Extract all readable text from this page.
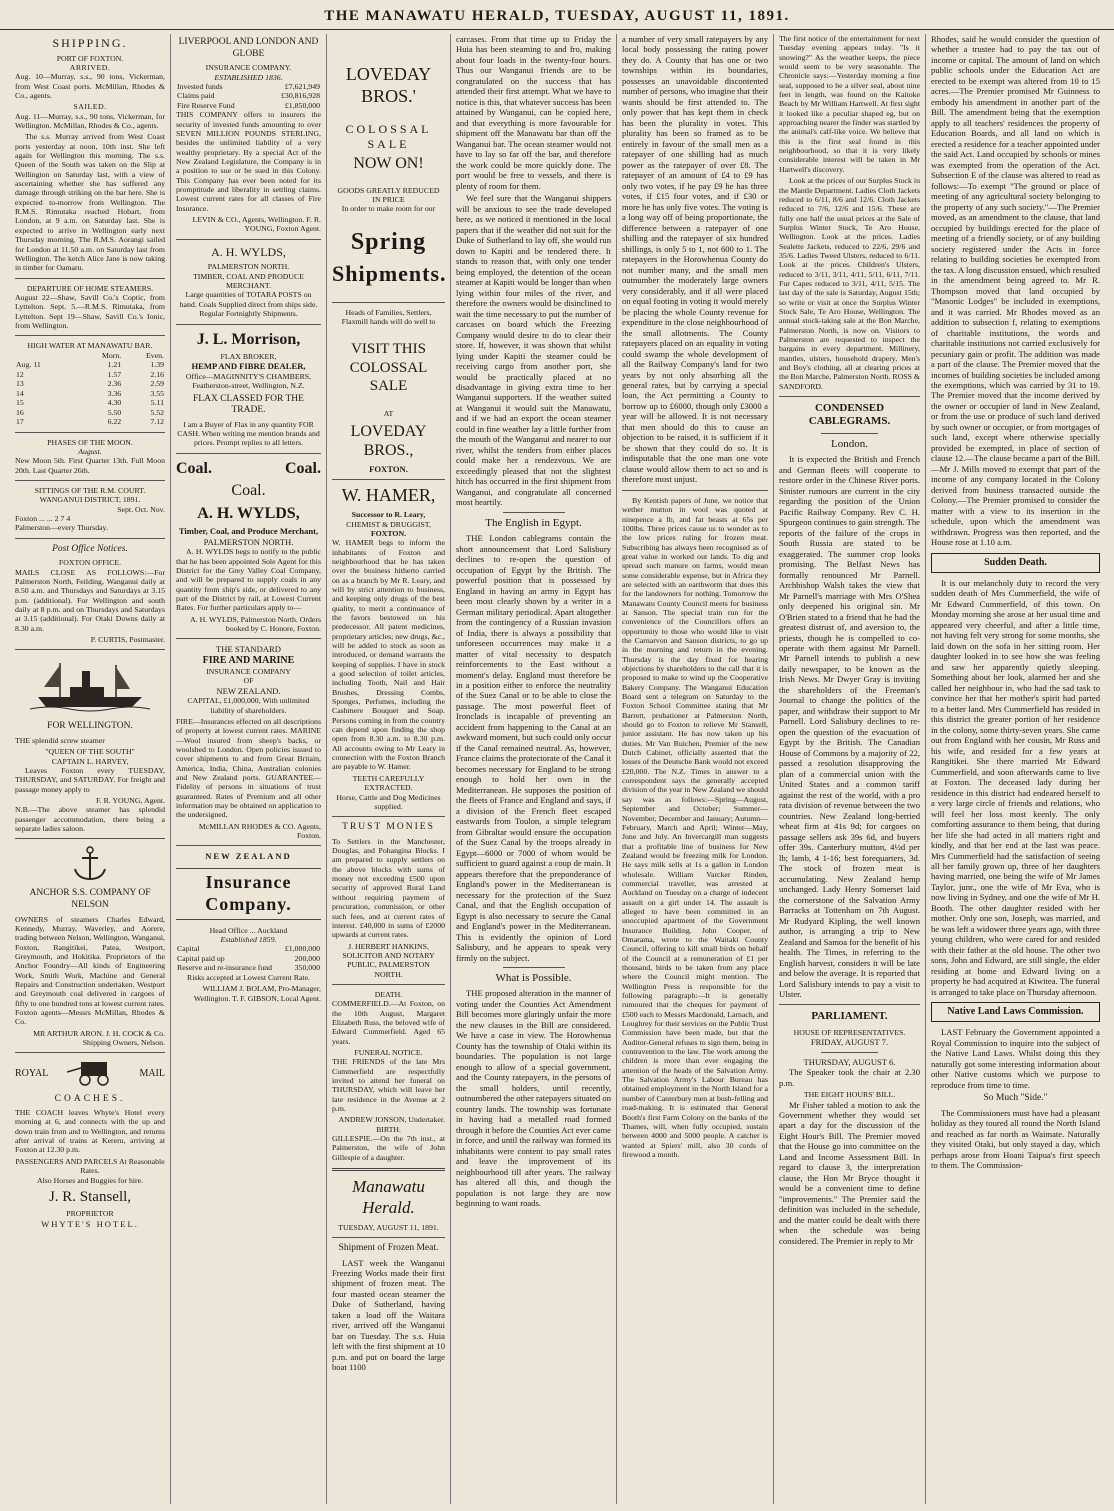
THE MANAWATU HERALD, TUESDAY, AUGUST 11, 1891.
SHIPPING.
PORT OF FOXTON.
ARRIVED.

Aug. 10—Murray, s.s., 90 tons, Vickerman, from West Coast ports. McMillan, Rhodes & Co., agents.

SAILED.

Aug. 11—Murray, s.s., 90 tons, Vickerman, for Wellington. McMillan, Rhodes & Co., agents.

The s.s. Murray arrived from West Coast ports yesterday at noon, 10th inst. She left again for Wellington this morning. The s.s. Queen of the South was taken on the Slip at Wellington on Saturday last, with a view of ascertaining whether she has suffered any damage through striking on the bar here. She is expected to-morrow from Wellington. The R.M.S. Rimutaka reached Hobart, from London, at 9 a.m. on Saturday last. She is expected to arrive in Wellington early next Thursday morning. The R.M.S. Aorangi sailed for London at 11.50 a.m. on Saturday last from Wellington. The ketch Alice Jane is now taking in timber for Oamaru.

DEPARTURE OF HOME STEAMERS.

August 22—Shaw, Savill Co.'s Coptic, from Lyttelton. Sept. 5.—R.M.S. Rimutaka, from Lyttelton. Sept 19—Shaw, Savill Co.'s Ionic, from Wellington.

HIGH WATER AT MANAWATU BAR.
		Morn.	Even.
Aug. 11		1.21	1.39
12		1.57	2.16
13		2.36	2.59
14		3.36	3.55
15		4.30	5.11
16		5.50	5.52
17		6.22	7.12
PHASES OF THE MOON.
August.

New Moon 5th. First Quarter 13th. Full Moon 20th. Last Quarter 26th.

SITTINGS OF THE R.M. COURT.
WANGANUI DISTRICT, 1891.
Sept. Oct. Nov.
Foxton ... ... 2 7 4
Palmerston—every Thursday.
Post Office Notices.
FOXTON OFFICE.

MAILS CLOSE AS FOLLOWS:—For Palmerston North, Feilding, Wanganui daily at 8.50 a.m. and Thursdays and Saturdays at 3.15 p.m. (additional). For Wellington and south daily at 8 p.m. and on Thursdays and Saturdays at 3.15 (additional). For Otaki Downs daily at 8.30 a.m.

P. CURTIS, Postmaster.
FOR WELLINGTON.

THE splendid screw steamer

"QUEEN OF THE SOUTH"
CAPTAIN L. HARVEY,

Leaves Foxton every TUESDAY, THURSDAY, and SATURDAY. For freight and passage money apply to

F. R. YOUNG, Agent.

N.B.—The above steamer has splendid passenger accommodation, there being a separate ladies saloon.

ANCHOR S.S. COMPANY OF NELSON

OWNERS of steamers Charles Edward, Kennedy, Murray, Waverley, and Aorere, trading between Nelson, Wellington, Wanganui, Foxton, Rangitikei, Patea, Westport, Greymouth, and Hokitika. Proprietors of the Anchor Foundry—All kinds of Engineering Work, Smith Work, Machine and General Repairs and Construction undertaken. Westport and Greymouth coal delivered in cargoes of fifty to one hundred tons at lowest current rates. Foxton agents—Messrs McMillan, Rhodes & Co.

MR ARTHUR ARON. J. H. COCK & Co. Shipping Owners, Nelson.
ROYAL	MAIL
COACHES.

THE COACH leaves Whyte's Hotel every morning at 6, and connects with the up and down train from and to Wellington, and returns after arrival of trains at Kereru, arriving at Foxton at 12.30 p.m.

PASSENGERS AND PARCELS At Reasonable Rates.
Also Horses and Buggies for hire.
J. R. Stansell,
PROPRIETOR
WHYTE'S HOTEL.
LIVERPOOL AND LONDON AND GLOBE
INSURANCE COMPANY.
ESTABLISHED 1836.
Invested funds	£7,621,949
Claims paid	£30,816,928
Fire Reserve Fund	£1,850,000

THIS COMPANY offers to insurers the security of invested funds amounting to over SEVEN MILLION POUNDS STERLING, besides the unlimited liability of a very wealthy proprietary. By a special Act of the New Zealand Legislature, the Company is in a position to sue or be sued in this Colony. This Company has ever been noted for its promptitude and liberality in settling claims. Lowest current rates for all classes of Fire Insurance.

LEVIN & CO., Agents, Wellington. F. R. YOUNG, Foxton Agent.
A. H. WYLDS,
PALMERSTON NORTH.
TIMBER, COAL AND PRODUCE MERCHANT.

Large quantities of TOTARA POSTS on hand. Coals Supplied direct from ships side. Regular Fortnightly Shipments.

J. L. Morrison,
FLAX BROKER,
HEMP AND FIBRE DEALER,

Office—MAGINNITY'S CHAMBERS, Featherston-street, Wellington, N.Z.

FLAX CLASSED FOR THE TRADE.

I am a Buyer of Flax in any quantity FOR CASH. When writing me mention brands and prices. Prompt replies to all letters.

Coal.	Coal.
Coal.
A. H. WYLDS,
Timber, Coal, and Produce Merchant,
PALMERSTON NORTH.

A. H. WYLDS begs to notify to the public that he has been appointed Sole Agent for this District for the Grey Valley Coal Company, and will be prepared to supply coals in any quantity from ship's side, or delivered to any part of the District by rail, at Lowest Current Rates. For further particulars apply to—

A. H. WYLDS, Palmerston North. Orders booked by C. Honore, Foxton.
THE STANDARD
FIRE AND MARINE
INSURANCE COMPANY
OF
NEW ZEALAND.

CAPITAL, £1,000,000, With unlimited liability of shareholders.

FIRE—Insurances effected on all descriptions of property at lowest current rates. MARINE—Wool insured from sheep's backs, or woolshed to London. Open policies issued to cover shipments to and from Great Britain, America, India, China, Australian colonies and New Zealand ports. GUARANTEE—Fidelity of persons in situations of trust guaranteed. Rates of Premium and all other information may be obtained on application to the undersigned,

McMILLAN RHODES & CO. Agents, Foxton.
NEW ZEALAND
Insurance Company.
Head Office ... Auckland
Established 1859.
Capital	£1,000,000
Capital paid up	200,000
Reserve and re-insurance fund	350,000

Risks accepted at Lowest Current Rate.

WILLIAM J. BOLAM, Pro-Manager, Wellington. T. F. GIBSON, Local Agent.
LOVEDAY BROS.'
COLOSSAL SALE
NOW ON!
GOODS GREATLY REDUCED
IN PRICE
In order to make room for our
Spring
Shipments.

Heads of Families, Settlers, Flaxmill hands will do well to

VISIT THIS COLOSSAL SALE
AT
LOVEDAY BROS.,
FOXTON.
W. HAMER,
Successor to R. Leary,
CHEMIST & DRUGGIST,
FOXTON.

W. HAMER begs to inform the inhabitants of Foxton and neighbourhood that he has taken over the business hitherto carried on as a branch by Mr R. Leary, and will by strict attention to business, and keeping only drugs of the best quality, to merit a continuance of the favors bestowed on his predecessor. All patent medicines, proprietary articles; new drugs, &c., will be added to stock as soon as introduced, or demand warrants the keeping of supplies. I have in stock a good selection of toilet articles, including Tooth, Nail and Hair Brushes, Dressing Combs, Sponges, Perfumes, including the Cashmere Bouquet and Soap. Persons coming in from the country can depend upon finding the shop open from 8.30 a.m. to 8.30 p.m. All accounts owing to Mr Leary in connection with the Foxton Branch are payable to W. Hamer.

TEETH CAREFULLY EXTRACTED.
Horse, Cattle and Dog Medicines supplied.
TRUST MONIES

To Settlers in the Manchester, Douglas, and Pohangina Blocks. I am prepared to supply settlers on the above blocks with sums of money not exceeding £500 upon security of approved Rural Land without requiring payment of procuration, commission, or other such fees, and at current rates of interest. £40,000 in sums of £2000 upwards at current rates.

J. HERBERT HANKINS,
SOLICITOR AND NOTARY PUBLIC, PALMERSTON NORTH.
DEATH.

COMMERFIELD.—At Foxton, on the 10th August, Margaret Elizabeth Russ, the beloved wife of Edward Cummerfield. Aged 65 years.

FUNERAL NOTICE.

THE FRIENDS of the late Mrs Cummerfield are respectfully invited to attend her funeral on THURSDAY, which will leave her late residence in the Avenue at 2 p.m.

ANDREW JONSON, Undertaker.
BIRTH.

GILLESPIE.—On the 7th inst., at Palmerston, the wife of John Gillespie of a daughter.

Manawatu Herald.
TUESDAY, AUGUST 11, 1891.
Shipment of Frozen Meat.

LAST week the Wanganui Freezing Works made their first shipment of frozen meat. The four masted ocean steamer the Duke of Sutherland, having taken a load off the Waitara river, arrived off the Wanganui bar on Tuesday. The s.s. Huia left with the first shipment at 10 p.m. and put on board the large boat 1100

carcases. From that time up to Friday the Huia has been steaming to and fro, making about four loads in the twenty-four hours. Thus our Wanganui friends are to be congratulated on the success that has attended their first attempt. What we have to notice is this, that whatever success has been attained by Wanganui, can be copied here, and that everything is more favourable for shipment off the Manawatu bar than off the Wanganui bar. The ocean steamer would not have to lay so far off the bar, and therefore the work could be more quickly done. The port would be free to vessels, and there is plenty of room for them.

We feel sure that the Wanganui shippers will be anxious to see the trade developed here, as we noticed it mentioned in the local papers that if the weather did not suit for the Duke of Sutherland to lay off, she would run down to Kapiti and be tendered there. It stands to reason that, with only one tender being employed, the detention of the ocean steamer at Kapiti would be longer than when lying within four miles of the river, and therefore the owners would be disinclined to wait the time necessary to put the number of carcases on board which the Freezing Company would desire to do to clear their store. If, however, it was shown that whilst lying under Kapiti the steamer could be receiving cargo from another port, she would be practically placed at no disadvantage in giving extra time to her Wanganui supporters. If the weather suited at Wanganui it would suit the Manawatu, and if we had an export the ocean steamer could in fine weather lay a little further from the mouth of the Wanganui and nearer to our river, whilst the tenders from either places could make her a rendezvous. We are exceedingly pleased that not the slightest hitch has occurred in the first shipment from Wanganui, and congratulate all concerned most heartily.

The English in Egypt.

THE London cablegrams contain the short announcement that Lord Salisbury declines to re-open the question of occupation of Egypt by the British. The powerful position that is possessed by England in having an army in Egypt has been most clearly shown by a writer in a German military periodical. Apart altogether from the contingency of a Russian invasion of India, there is always a possibility that unforeseen occurrences may make it a matter of vital necessity to despatch reinforcements to the East without a moment's delay. England must therefore be in a position either to enforce the neutrality of the Suez Canal or to be able to close the passage. The most powerful fleet of Ironclads is incapable of preventing an accident from happening to the Canal at an awkward moment, but such could only occur if the Canal remained neutral. As, however, France claims the protectorate of the Canal it becomes necessary for England to be strong enough to hold her own in the Mediterranean. He supposes the position of the fleets of France and England and says, if a division of the French fleet escaped eastwards from Toulon, a simple telegram from Gibraltar would ensure the occupation of the Suez Canal by the troops already in Egypt—6000 or 7000 of whom would be sufficient to guard against a coup de main. It appears therefore that the preponderance of England's power in the Mediterranean is necessary for the protection of the Suez Canal, and that the English occupation of Egypt is also necessary to secure the Canal and England's power in the Mediterranean. This is evidently the opinion of Lord Salisbury, and he appears to speak very firmly on the subject.

What is Possible.

THE proposed alteration in the manner of voting under the Counties Act Amendment Bill becomes more glaringly unfair the more the new clauses in the Bill are considered. We have a case in view. The Horowhenua County has the township of Otaki within its boundaries. The population is not large enough to allow of a special government, and the County ratepayers, in the persons of the small holders, until recently, outnumbered the other ratepayers situated on country lands. The township was fortunate in having had a metalled road formed through it before the Counties Act ever came in force, and until the railway was formed its inhabitants were content to pay small rates and leave the improvement of its neighbourhood till after years. The railway has altered all this, and though the population is not large they are now beginning to want roads.

a number of very small ratepayers by any local body possessing the rating power they do. A County that has one or two townships within its boundaries, possesses an unavoidable discontented number of persons, who imagine that their wants should be first attended to. The only power that has kept them in check has been the plurality in votes. This plurality has been so framed as to be entirely in favour of the small men as a ratepayer of one shilling had as much power as the ratepayer of over £8. The ratepayer of an amount of £4 to £9 has only two votes, if he pay £9 he has three votes, if £15 four votes, and if £30 or more he has only five votes. The voting is a long way off of being proportionate, the difference between a ratepayer of one shilling and the ratepayer of six hundred shillings, is only 5 to 1, not 600 to 1. The ratepayers in the Horowhenua County do not number many, and the small men outnumber the moderately large owners very considerably, and if all were placed on equal footing in voting it would merely be placing the whole County revenue for expenditure in the close neighbourhood of the small allotments. The County ratepayers placed on an equality in voting could swamp the whole development of all the Railway Company's land for two years by not only absorbing all the general rates, but by carrying a special loan, the Act permitting a County to borrow up to £6000, though only £3000 a year will be allowed. It is not necessary that men should do this to cause an objection to be raised, it is sufficient if it be shown that they could do so. It is indisputable that the one man one vote clause would allow them to act so and is therefore most unjust.

By Kentish papers of June, we notice that wether mutton in wool was quoted at ninepence a lb, and fat beasts at 65s per 100lbs. Three prices cause us to wonder as to the low prices ruling for frozen meat. Subscribing has always been recognised as of great value in worked out lands. To dig and spread such manure on farms, would mean some considerable expense, but in Africa they are selected with an earthworm that does this for the landowners for nothing. Tomorrow the Manawatu County Council meets for business at Sanson. The special train run for the convenience of the Councillors offers an opportunity to those who would like to visit the Carnarvon and Sanson districts, to go up in the morning and return in the evening. Thursday is the day fixed for hearing objections by shareholders to the call that it is proposed to make to wind up the Cooperative Bakery Company. The Wanganui Education Board sent a telegram on Saturday to the Foxton School Committee stating that Mr Barrett, probationer at Palmerston North, should go to Foxton to relieve Mr Stansell, junior assistant. He has now taken up his duties. Mr Van Ruichen, Premier of the new Dutch Cabinet, officially asserted that the losses of the Deutsche Bank would not exceed £20,000. The N.Z. Times in answer to a correspondent says the generally accepted division of the year in New Zealand we should say was as follows:—Spring—August, September and October; Summer—November, December and January; Autumn—February, March and April; Winter—May, June and July. An Invercargill man suggests that a profitable line of business for New Zealand would be freezing milk for London. He says milk sells at 1s a gallon in London wholesale. William Varcker Rinden, commercial traveller, was arrested at Auckland on Tuesday on a charge of indecent assault on a girl under 14. The assault is alleged to have been committed in an unoccupied apartment of the Government Insurance Building. John Cooper, of Omarama, wrote to the Waitaki County Council, offering to kill small birds on behalf of the Council at a remuneration of £1 per thousand, birds to be taken from any place where the Council might mention. The Wellington Press is responsible for the following paragraph:—It is generally rumoured that the cheques for payment of £500 each to Messrs Macdonald, Larnach, and Loughrey for their services on the Public Trust Commission have been made, but that the Auditor-General refuses to sign them, being in contravention to the law. The work among the children is more than ever engaging the attention of the heads of the Salvation Army. The Salvation Army's Labour Bureau has obtained employment in the North Island for a number of Canterbury men at bush-felling and road-making. It is estimated that General Booth's first Farm Colony on the banks of the Thames, will, when fully occupied, sustain between 4000 and 5000 people. A catcher is wanted at Spiers' mill, also 30 cords of firewood a month.

The first notice of the entertainment for next Tuesday evening appears today. "Is it snowing?" As the weather keeps, the piece would seem to be very seasonable. The Chronicle says:—Yesterday morning a fine seal, supposed to be a silver seal, about nine feet in length, was found on the Kaitoke Beach by Mr William Hartwell. At first sight it looked like a peculiar shaped eg, but on approaching nearer the finder was startled by the animal's calf-like voice. We believe that this is the first seal found in this neighbourhood, so that it is very likely considerable interest will be taken in Mr Hartwell's discovery.

Look at the prices of our Surplus Stock in the Mantle Department. Ladies Cloth Jackets reduced to 6/11, 8/6 and 12/6. Cloth Jackets reduced to 7/6, 12/6 and 15/6. These are fully one half the usual prices at the Sale of Surplus Winter Stock, Te Aro House, Wellington. Look at the prices. Ladies Sealette Jackets, reduced to 22/6, 29/6 and 35/6. Ladies Tweed Ulsters, reduced to 6/11. Look at the prices. Children's Ulsters, reduced to 3/11, 3/11, 4/11, 5/11, 6/11, 7/11. Fur Capes reduced to 3/11, 4/11, 5/15. The last day of the sale is Saturday, August 15th; so write or visit at once the Surplus Winter Stock Sale, Te Aro House, Wellington. The annual stock-taking sale at the Bon Marche, Palmerston North, is now on. Visitors to Palmerston are requested to inspect the bargains in every department. Millinery, mantles, ulsters, household drapery, Men's and Boy's clothing, all at clearing prices at the Bon Marche, Palmerston North. ROSS & SANDFORD.

CONDENSED CABLEGRAMS.
London.

It is expected the British and French and German fleets will cooperate to restore order in the Chinese River ports. Sinister rumours are current in the city regarding the position of the Union Pacific Railway Company. Rev C. H. Spurgeon continues to gain strength. The reports of the failure of the crops in South Russia are stated to be exaggerated. The summer crop looks promising. The Belfast News has formally renounced Mr Parnell. Archbishop Walsh takes the view that Mr Parnell's marriage with Mrs O'Shea only deepened his original sin. Mr O'Brien stated to a friend that he had the greatest distrust of, and aversion to, the priests, though he is compelled to co-operate with them against Mr Parnell. Mr Parnell intends to publish a new daily newspaper, to be known as the Irish News. Mr Dwyer Gray is inviting the shareholders of the Freeman's Journal to change the politics of the paper, and withdraw their support to Mr Parnell. Lord Salisbury declines to re-open the question of the evacuation of Egypt by the British. The Canadian House of Commons by a majority of 22, passed a resolution disapproving the plan of a commercial union with the United States and a common tariff against the rest of the world, with a pro rata division of revenue between the two countries. New Zealand long-berried wheat firm at 41s 9d; for cargoes on passage sellers ask 39s 6d, and buyers offer 39s. Canterbury mutton, 4½d per lb; lamb, 4 1-16; best forequarters, 3d. The stock of frozen meat is accumulating. New Zealand hemp unchanged. Lady Henry Somerset laid the cornerstone of the Salvation Army Barracks at Tottenham on 7th August. Mr Rudyard Kipling, the well known author, is arranging a trip to New Zealand and Samoa for the benefit of his health. The Times, in referring to the English harvest, considers it will be late and below the average. It is reported that Lord Salisbury intends to pay a visit to Ulster.

PARLIAMENT.
HOUSE OF REPRESENTATIVES.
FRIDAY, AUGUST 7.
THURSDAY, AUGUST 6.

The Speaker took the chair at 2.30 p.m.

THE EIGHT HOURS' BILL.

Mr Fisher tabled a motion to ask the Government whether they would set apart a day for the discussion of the Eight Hour's Bill. The Premier moved that the House go into committee on the Land and Income Assessment Bill. In regard to clause 3, the interpretation clause, the Hon Mr Bryce thought it would be a convenient time to define "improvements." The Premier said the definition was included in the schedule, and the matter could be dealt with there when the schedule was being considered. The Premier in reply to Mr

Rhodes, said he would consider the question of whether a trustee had to pay the tax out of income or capital. The amount of land on which public schools under the Education Act are erected to be exempt was altered from 10 to 15 acres.—The Premier promised Mr Guinness to embody his amendment in another part of the Bill. The amendment being that the exemption apply to all teachers' residences the property of Education Boards, and all land on which is erected a residence for a teacher appointed under the said Act. Land occupied by schools or mines was exempted from the operation of the Act. Subsection E of the clause was altered to read as follows:—To exempt "The ground or place of meeting of any agricultural society belonging to the property of any such society."—The Premier moved, as an amendment to the clause, that land occupied by buildings erected for the place of meeting of a friendly society, or of any building society registered under the Acts in force relating to building societies be exempted from the tax. A long discussion ensued, which resulted in the amendment being agreed to. Mr R. Thompson moved that land occupied by "Masonic Lodges" be included in exemptions, and it was carried. Mr Rhodes moved as an addition to subsection f, relating to exemptions of charitable institutions, the words and charitable institutions not carried exclusively for pecuniary gain or profit. The addition was made a part of the clause. The Premier moved that the incomes of building societies be included among the exemptions, which was carried by 31 to 19. The Premier moved that the income derived by the owner or occupier of land in New Zealand, or from the use or produce of such land derived by such owner or occupier, or from mortgages of such land, except where otherwise specially provided be exempted, in place of section of clause 12.—The clause became a part of the Bill.—Mr J. Mills moved to exempt that part of the income of any company located in the Colony derived from business transacted outside the Colony.—The Premier promised to consider the matter with a view to its insertion in the schedule, upon which the amendment was withdrawn. Progress was then reported, and the House rose at 1.10 a.m.

Sudden Death.

It is our melancholy duty to record the very sudden death of Mrs Cummerfield, the wife of Mr Edward Cummerfield, of this town. On Monday morning she arose at her usual time and appeared very cheerful, and after a little time, not having felt very strong for some months, she laid down on the sofa in her sitting room. Her daughter looked in to see how she was feeling and saw her apparently quietly sleeping. Something about her look, alarmed her and she called her neighbour in, who had the sad task to convince her that her mother's spirit had parted to a better land. Mrs Cummerfield has resided in this district the greater portion of her residence in the colony, some thirty-seven years. She came out from England with her cousin, Mr Russ and his wife, and resided for a few years at Rangitikei. She there married Mr Edward Cummerfield, and soon afterwards came to live at Foxton. The deceased lady during her residence in this district had endeared herself to a very large circle of friends and relations, who will feel her loss most keenly. The only comforting assurance to them being, that during her life she had acted in all matters right and kindly, and that her end at the last was peace. Mrs Cummerfield had the satisfaction of seeing all her family grown up, three of her daughters having married, one being the wife of Mr James Taylor, junr., one the wife of Mr Eva, who is now living in Sydney, and one the wife of Mr H. Booth. The other daughter resided with her mother. Only one son, Joseph, was married, and he was left a widower three years ago, with three young children, who were cared for and resided with their father at the old house. The other two sons, John and Edward, are still single, the elder residing at home and Edward living on a property he had acquired at Kiwitea. The funeral is arranged to take place on Thursday afternoon.

Native Land Laws Commission.

LAST February the Government appointed a Royal Commission to inquire into the subject of the Native Land Laws. Whilst doing this they naturally got some interesting information about other Native customs which we purpose to reproduce from time to time.

So Much "Side."

The Commissioners must have had a pleasant holiday as they toured all round the North Island and reached as far north as Waimate. Naturally they visited Otaki, but only stayed a day, which perhaps arose from Hoani Taipua's first speech to them. The Commission-
